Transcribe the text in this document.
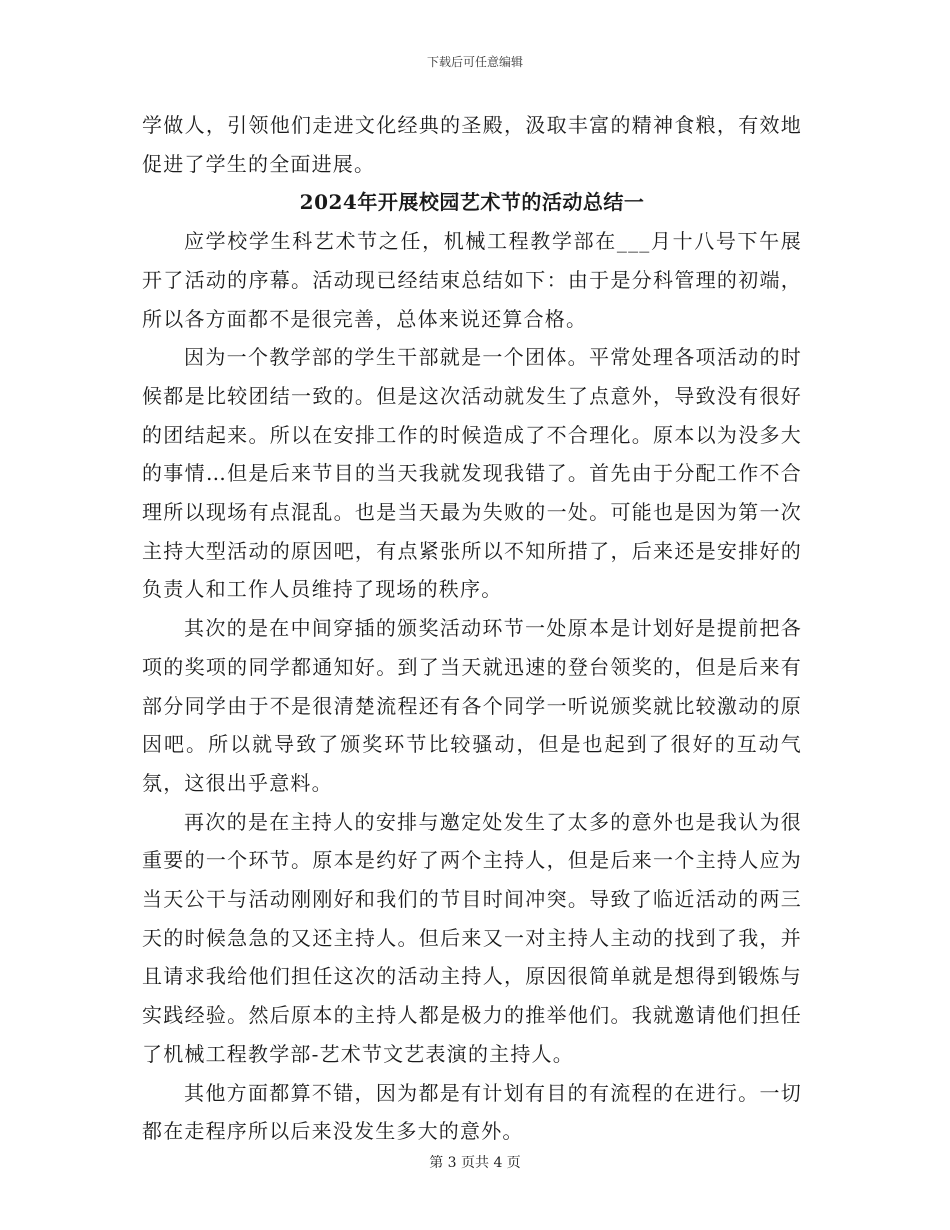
下载后可任意编辑

学做人，引领他们走进文化经典的圣殿，汲取丰富的精神食粮，有效地促进了学生的全面进展。

2024年开展校园艺术节的活动总结一

应学校学生科艺术节之任，机械工程教学部在___月十八号下午展开了活动的序幕。活动现已经结束总结如下：由于是分科管理的初端，所以各方面都不是很完善，总体来说还算合格。

因为一个教学部的学生干部就是一个团体。平常处理各项活动的时候都是比较团结一致的。但是这次活动就发生了点意外，导致没有很好的团结起来。所以在安排工作的时候造成了不合理化。原本以为没多大的事情…但是后来节目的当天我就发现我错了。首先由于分配工作不合理所以现场有点混乱。也是当天最为失败的一处。可能也是因为第一次主持大型活动的原因吧，有点紧张所以不知所措了，后来还是安排好的负责人和工作人员维持了现场的秩序。

其次的是在中间穿插的颁奖活动环节一处原本是计划好是提前把各项的奖项的同学都通知好。到了当天就迅速的登台领奖的，但是后来有部分同学由于不是很清楚流程还有各个同学一听说颁奖就比较激动的原因吧。所以就导致了颁奖环节比较骚动，但是也起到了很好的互动气氛，这很出乎意料。

再次的是在主持人的安排与邀定处发生了太多的意外也是我认为很重要的一个环节。原本是约好了两个主持人，但是后来一个主持人应为当天公干与活动刚刚好和我们的节目时间冲突。导致了临近活动的两三天的时候急急的又还主持人。但后来又一对主持人主动的找到了我，并且请求我给他们担任这次的活动主持人，原因很简单就是想得到锻炼与实践经验。然后原本的主持人都是极力的推举他们。我就邀请他们担任了机械工程教学部-艺术节文艺表演的主持人。

其他方面都算不错，因为都是有计划有目的有流程的在进行。一切都在走程序所以后来没发生多大的意外。

第 3 页共 4 页
